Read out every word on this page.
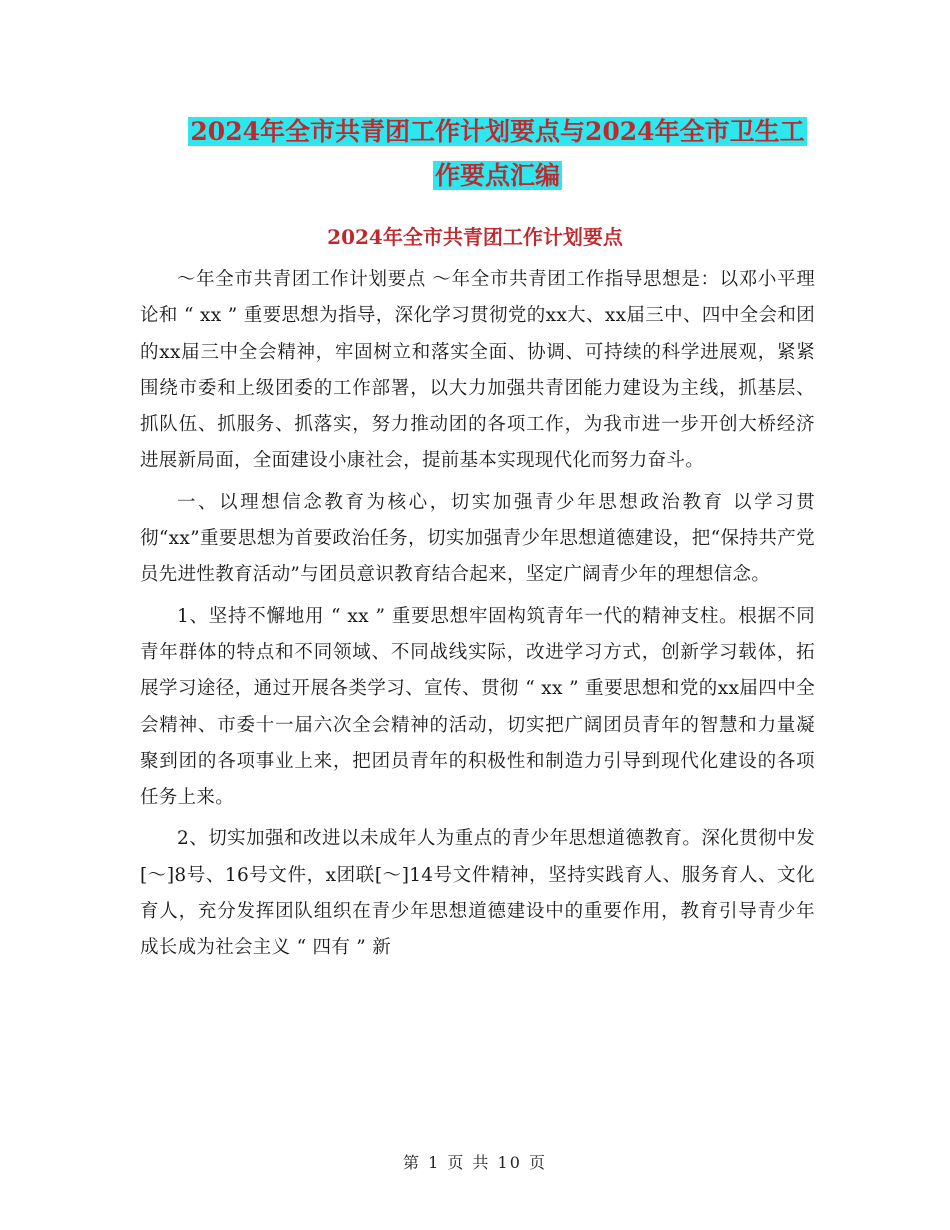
2024年全市共青团工作计划要点与2024年全市卫生工
作要点汇编
2024年全市共青团工作计划要点

～年全市共青团工作计划要点 ～年全市共青团工作指导思想是：以邓小平理论和 “ xx ” 重要思想为指导，深化学习贯彻党的xx大、xx届三中、四中全会和团的xx届三中全会精神，牢固树立和落实全面、协调、可持续的科学进展观，紧紧围绕市委和上级团委的工作部署，以大力加强共青团能力建设为主线，抓基层、抓队伍、抓服务、抓落实，努力推动团的各项工作，为我市进一步开创大桥经济进展新局面，全面建设小康社会，提前基本实现现代化而努力奋斗。

一、以理想信念教育为核心，切实加强青少年思想政治教育 以学习贯彻“xx”重要思想为首要政治任务，切实加强青少年思想道德建设，把“保持共产党员先进性教育活动”与团员意识教育结合起来，坚定广阔青少年的理想信念。

1、坚持不懈地用 “ xx ” 重要思想牢固构筑青年一代的精神支柱。根据不同青年群体的特点和不同领域、不同战线实际，改进学习方式，创新学习载体，拓展学习途径，通过开展各类学习、宣传、贯彻 “ xx ” 重要思想和党的xx届四中全会精神、市委十一届六次全会精神的活动，切实把广阔团员青年的智慧和力量凝聚到团的各项事业上来，把团员青年的积极性和制造力引导到现代化建设的各项任务上来。

2、切实加强和改进以未成年人为重点的青少年思想道德教育。深化贯彻中发[～]8号、16号文件，x团联[～]14号文件精神，坚持实践育人、服务育人、文化育人，充分发挥团队组织在青少年思想道德建设中的重要作用，教育引导青少年成长成为社会主义 “ 四有 ” 新

第 1 页 共 10 页
